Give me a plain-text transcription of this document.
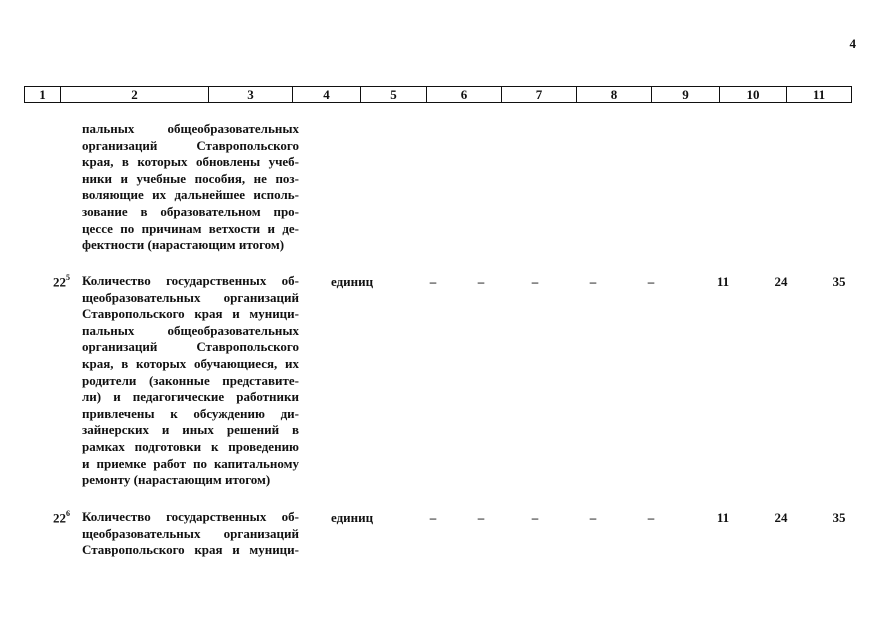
4
1	2	3	4	5	6	7	8	9	10	11
пальных общеобразовательных
организаций Ставропольского
края, в которых обновлены учеб-
ники и учебные пособия, не поз-
воляющие их дальнейшее исполь-
зование в образовательном про-
цессе по причинам ветхости и де-
фектности (нарастающим итогом)
$22^5$ Количество государственных об-
щеобразовательных организаций
Ставропольского края и муници-
пальных общеобразовательных
организаций Ставропольского
края, в которых обучающиеся, их
родители (законные представите-
ли) и педагогические работники
привлечены к обсуждению ди-
зайнерских и иных решений в
рамках подготовки к проведению
и приемке работ по капитальному
ремонту (нарастающим итогом)
единиц	–	–	–	–	–	11	24	35
$22^6$ Количество государственных об-
щеобразовательных организаций
Ставропольского края и муници-
единиц	–	–	–	–	–	11	24	35
